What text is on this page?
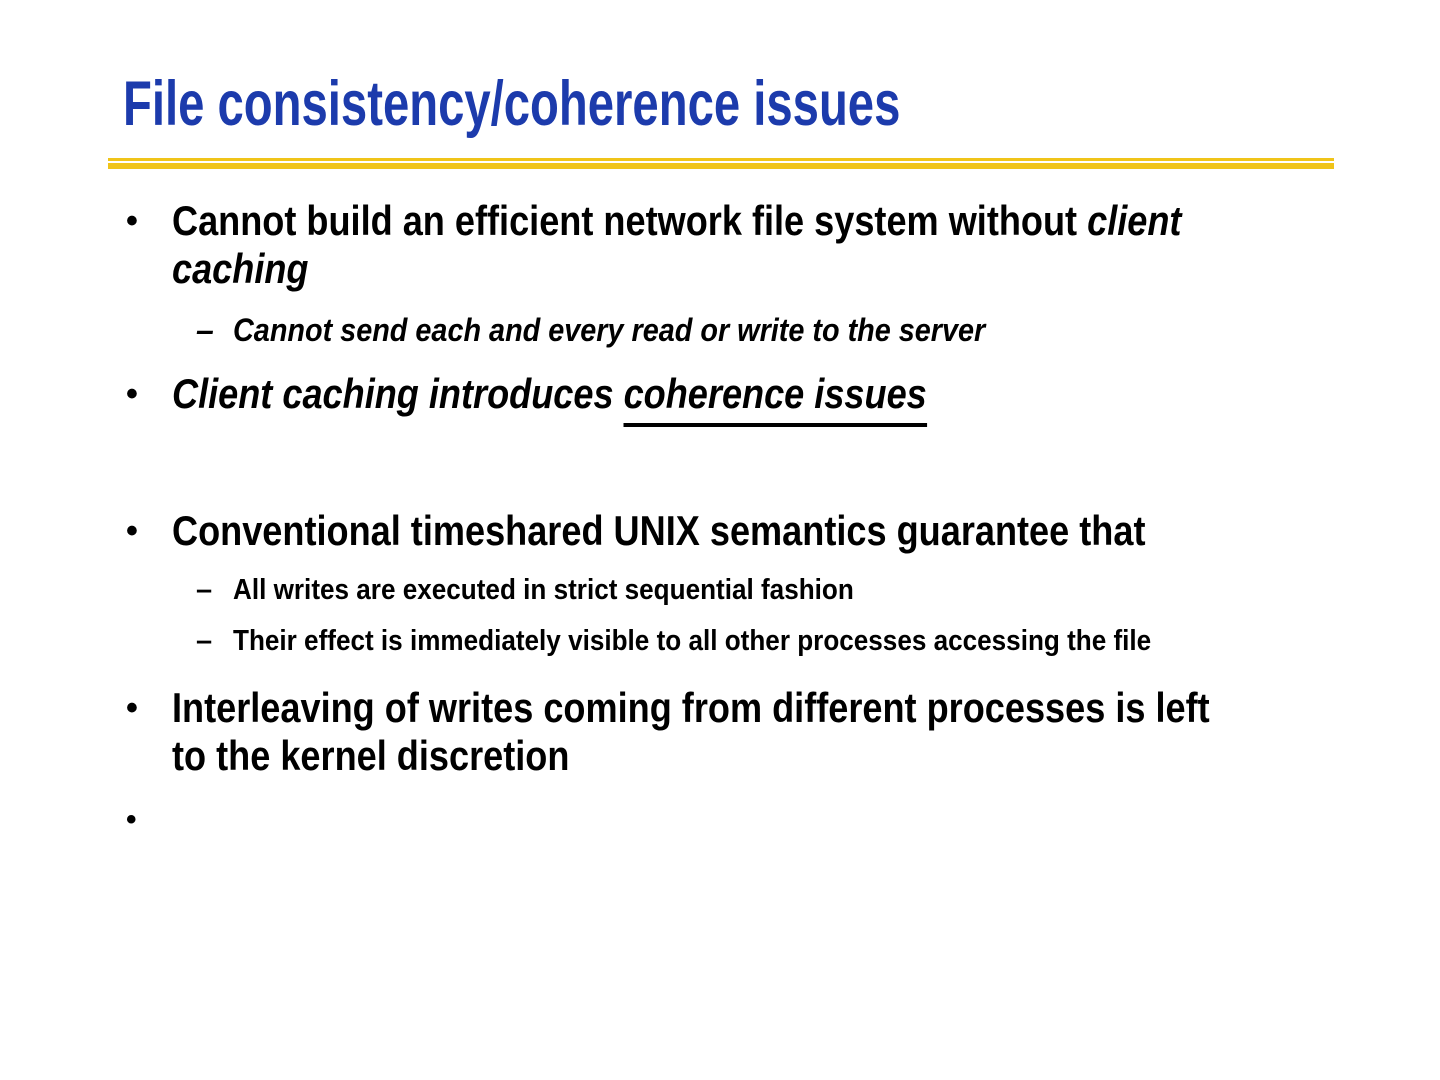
File consistency/coherence issues
• Cannot build an efficient network file system without client
caching
– Cannot send each and every read or write to the server
• Client caching introduces coherence issues
• Conventional timeshared UNIX semantics guarantee that
– All writes are executed in strict sequential fashion
– Their effect is immediately visible to all other processes accessing the file
• Interleaving of writes coming from different processes is left
to the kernel discretion
•
